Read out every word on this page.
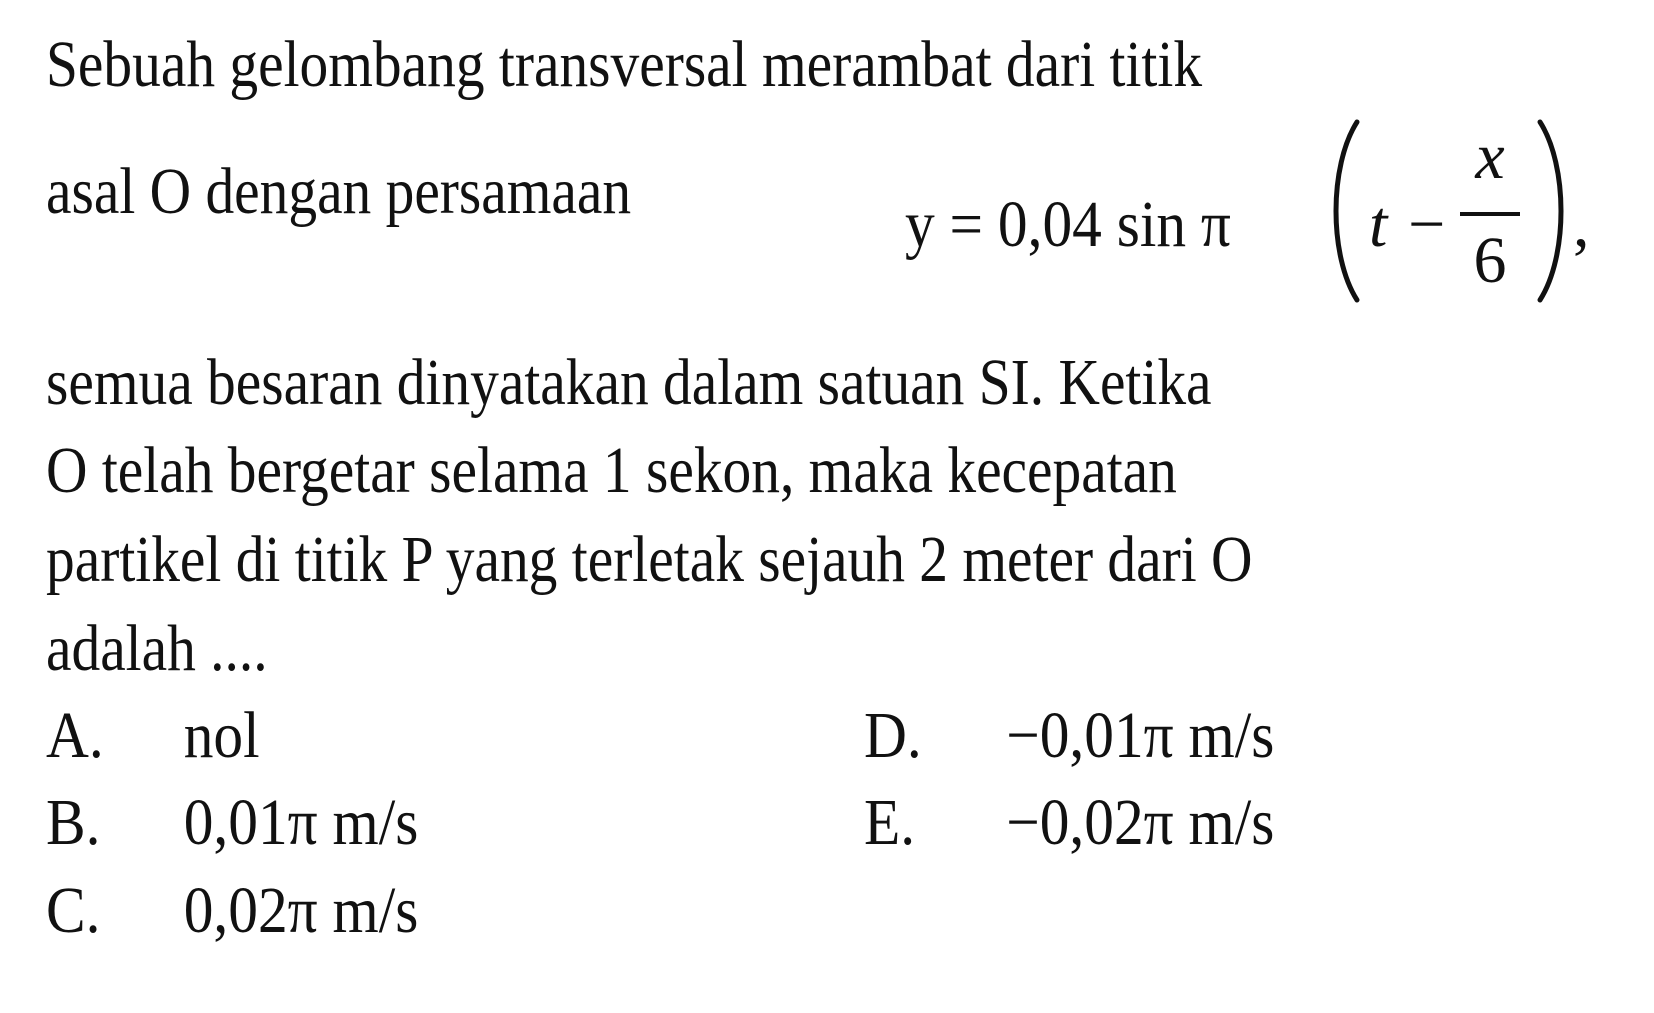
Sebuah gelombang transversal merambat dari titik
asal O dengan persamaan	y = 0,04 sin π t −
x
6 ,
semua besaran dinyatakan dalam satuan SI. Ketika
O telah bergetar selama 1 sekon, maka kecepatan
partikel di titik P yang terletak sejauh 2 meter dari O
adalah ....
A. nol
B. 0,01π m/s
C. 0,02π m/s
D. −0,01π m/s
E. −0,02π m/s
